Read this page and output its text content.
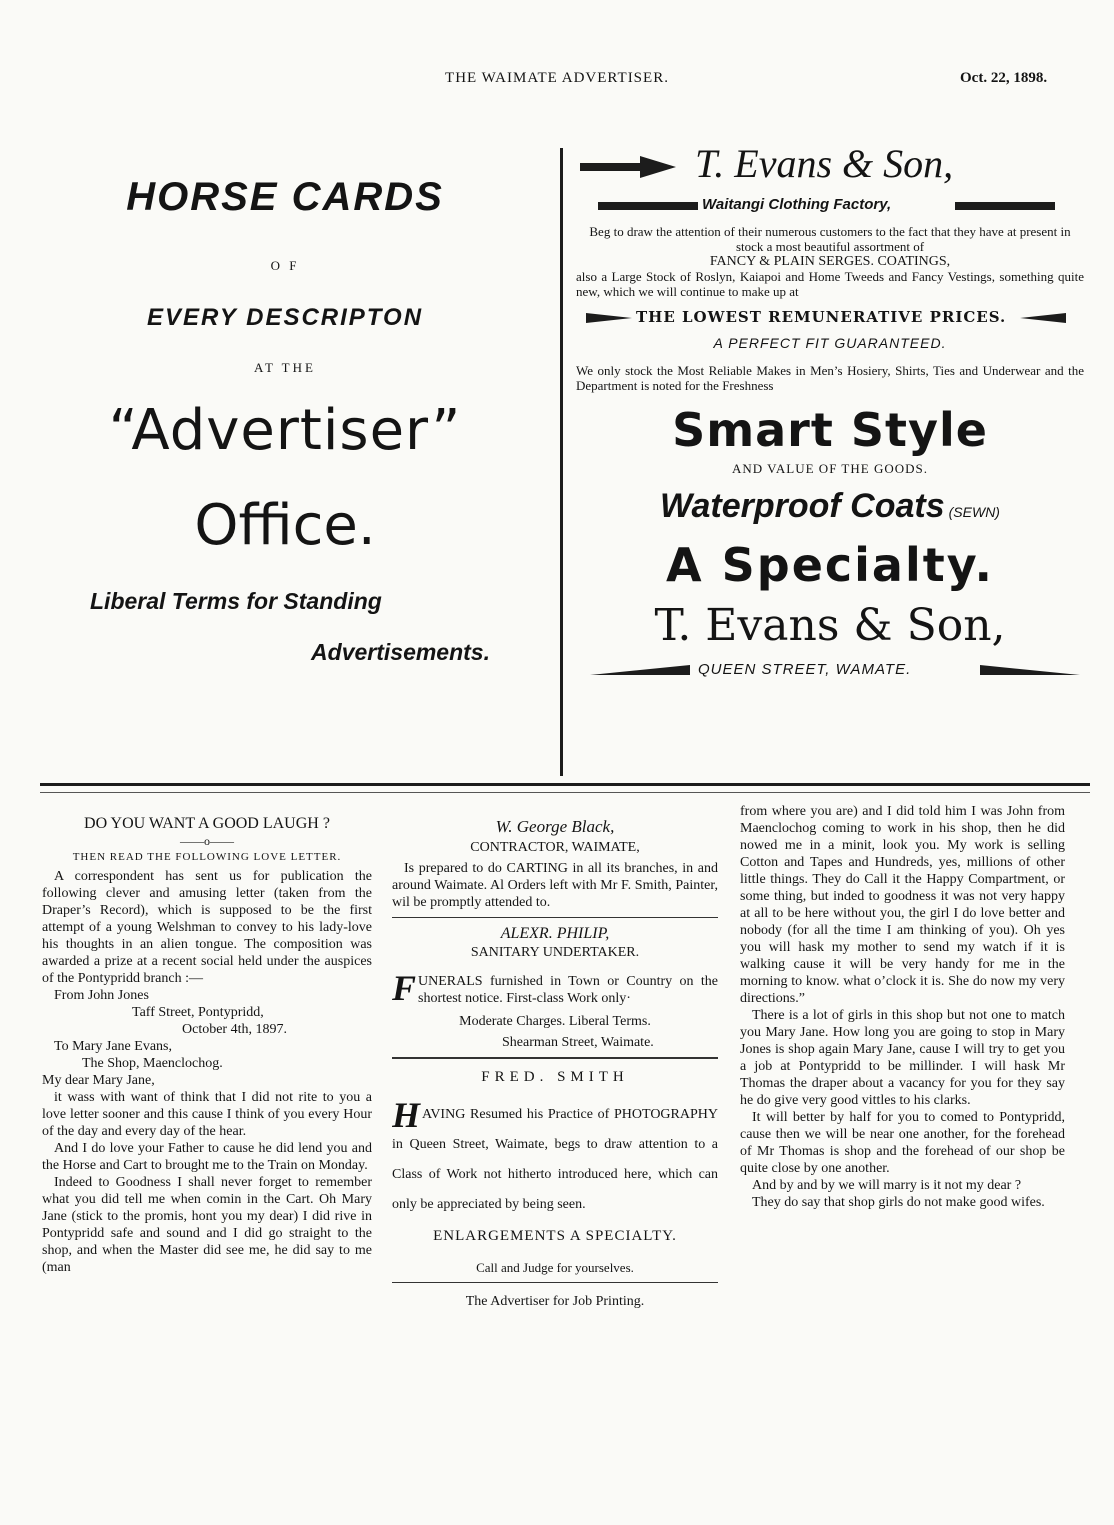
THE WAIMATE ADVERTISER.	Oct. 22, 1898.
HORSE CARDS
O F
EVERY DESCRIPTON
AT THE
“Advertiser”
Office.
Liberal Terms for Standing
Advertisements.
T. Evans & Son,
Waitangi Clothing Factory,
Beg to draw the attention of their numerous customers to the fact that they have at present in stock a most beautiful assortment of
FANCY & PLAIN SERGES. COATINGS,
also a Large Stock of Roslyn, Kaiapoi and Home Tweeds and Fancy Vestings, something quite new, which we will continue to make up at
THE LOWEST REMUNERATIVE PRICES.
A PERFECT FIT GUARANTEED.
We only stock the Most Reliable Makes in Men’s Hosiery, Shirts, Ties and Underwear and the Department is noted for the Freshness
Smart Style
AND VALUE OF THE GOODS.
Waterproof Coats (SEWN)
A Specialty.
T. Evans & Son,
QUEEN STREET, WAMATE.
DO YOU WANT A GOOD LAUGH ?
——o——
THEN READ THE FOLLOWING LOVE LETTER.

A correspondent has sent us for publication the following clever and amusing letter (taken from the Draper’s Record), which is supposed to be the first attempt of a young Welshman to convey to his lady-love his thoughts in an alien tongue. The composition was awarded a prize at a recent social held under the auspices of the Pontypridd branch :—

From John Jones

Taff Street, Pontypridd,
October 4th, 1897.

To Mary Jane Evans,

The Shop, Maenclochog.
My dear Mary Jane,

it wass with want of think that I did not rite to you a love letter sooner and this cause I think of you every Hour of the day and every day of the hear.

And I do love your Father to cause he did lend you and the Horse and Cart to brought me to the Train on Monday.

Indeed to Goodness I shall never forget to remember what you did tell me when comin in the Cart. Oh Mary Jane (stick to the promis, hont you my dear) I did rive in Pontypridd safe and sound and I did go straight to the shop, and when the Master did see me, he did say to me (man

W. George Black,
CONTRACTOR, WAIMATE,

Is prepared to do CARTING in all its branches, in and around Waimate. Al Orders left with Mr F. Smith, Painter, wil be promptly attended to.

ALEXR. PHILIP,
SANITARY UNDERTAKER.
F UNERALS furnished in Town or Country on the shortest notice. First-class Work only·
Moderate Charges. Liberal Terms.
Shearman Street, Waimate.
FRED. SMITH
H AVING Resumed his Practice of PHOTOGRAPHY in Queen Street, Waimate, begs to draw attention to a Class of Work not hitherto introduced here, which can only be appreciated by being seen.
ENLARGEMENTS A SPECIALTY.
Call and Judge for yourselves.
The Advertiser for Job Printing.

from where you are) and I did told him I was John from Maenclochog coming to work in his shop, then he did nowed me in a minit, look you. My work is selling Cotton and Tapes and Hundreds, yes, millions of other little things. They do Call it the Happy Compartment, or some thing, but inded to goodness it was not very happy at all to be here without you, the girl I do love better and nobody (for all the time I am thinking of you). Oh yes you will hask my mother to send my watch if it is walking cause it will be very handy for me in the morning to know. what o’clock it is. She do now my very directions.”

There is a lot of girls in this shop but not one to match you Mary Jane. How long you are going to stop in Mary Jones is shop again Mary Jane, cause I will try to get you a job at Pontypridd to be millinder. I will hask Mr Thomas the draper about a vacancy for you for they say he do give very good vittles to his clarks.

It will better by half for you to comed to Pontypridd, cause then we will be near one another, for the forehead of Mr Thomas is shop and the forehead of our shop be quite close by one another.

And by and by we will marry is it not my dear ?

They do say that shop girls do not make good wifes.
